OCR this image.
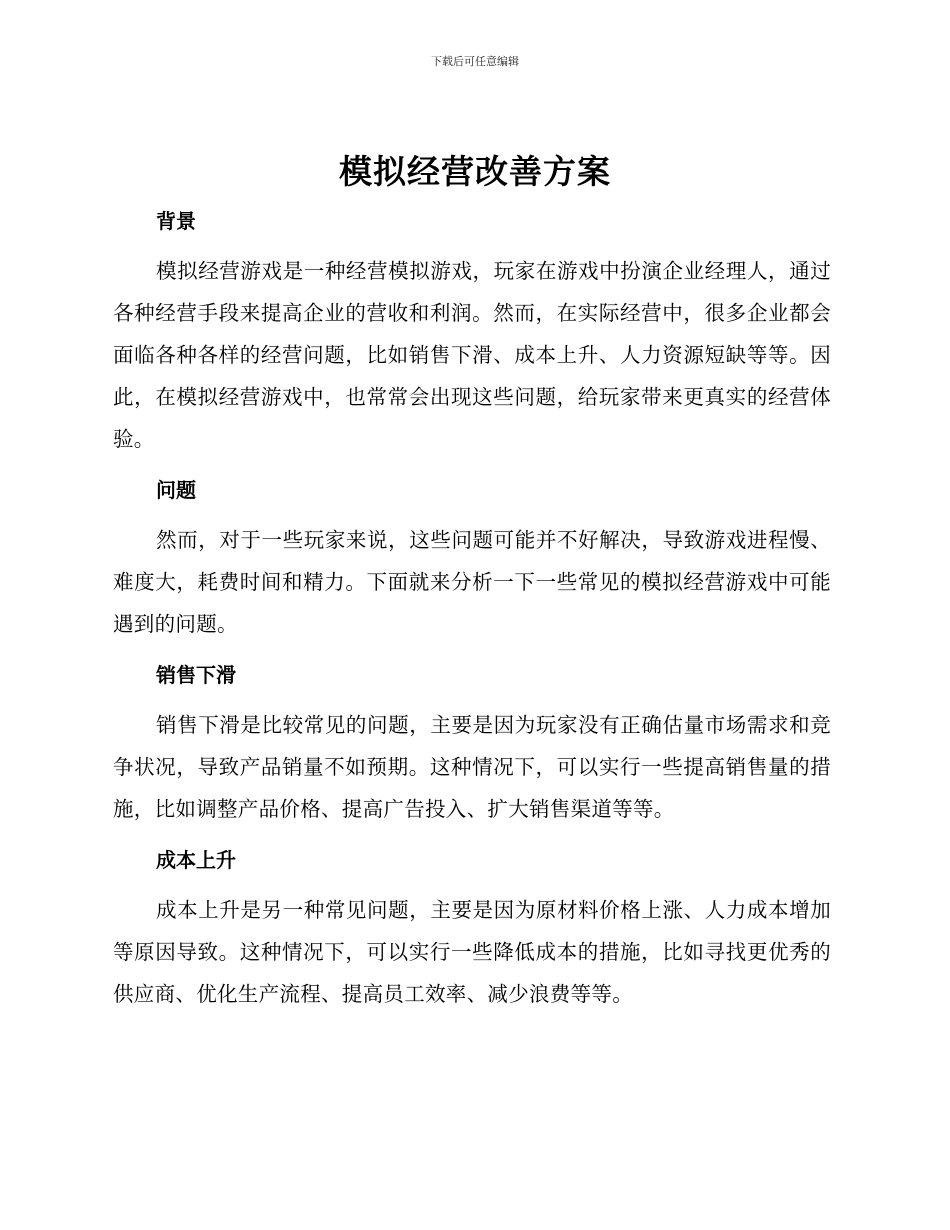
下载后可任意编辑
模拟经营改善方案
背景

模拟经营游戏是一种经营模拟游戏，玩家在游戏中扮演企业经理人，通过各种经营手段来提高企业的营收和利润。然而，在实际经营中，很多企业都会面临各种各样的经营问题，比如销售下滑、成本上升、人力资源短缺等等。因此，在模拟经营游戏中，也常常会出现这些问题，给玩家带来更真实的经营体验。

问题

然而，对于一些玩家来说，这些问题可能并不好解决，导致游戏进程慢、难度大，耗费时间和精力。下面就来分析一下一些常见的模拟经营游戏中可能遇到的问题。

销售下滑

销售下滑是比较常见的问题，主要是因为玩家没有正确估量市场需求和竞争状况，导致产品销量不如预期。这种情况下，可以实行一些提高销售量的措施，比如调整产品价格、提高广告投入、扩大销售渠道等等。

成本上升

成本上升是另一种常见问题，主要是因为原材料价格上涨、人力成本增加等原因导致。这种情况下，可以实行一些降低成本的措施，比如寻找更优秀的供应商、优化生产流程、提高员工效率、减少浪费等等。
